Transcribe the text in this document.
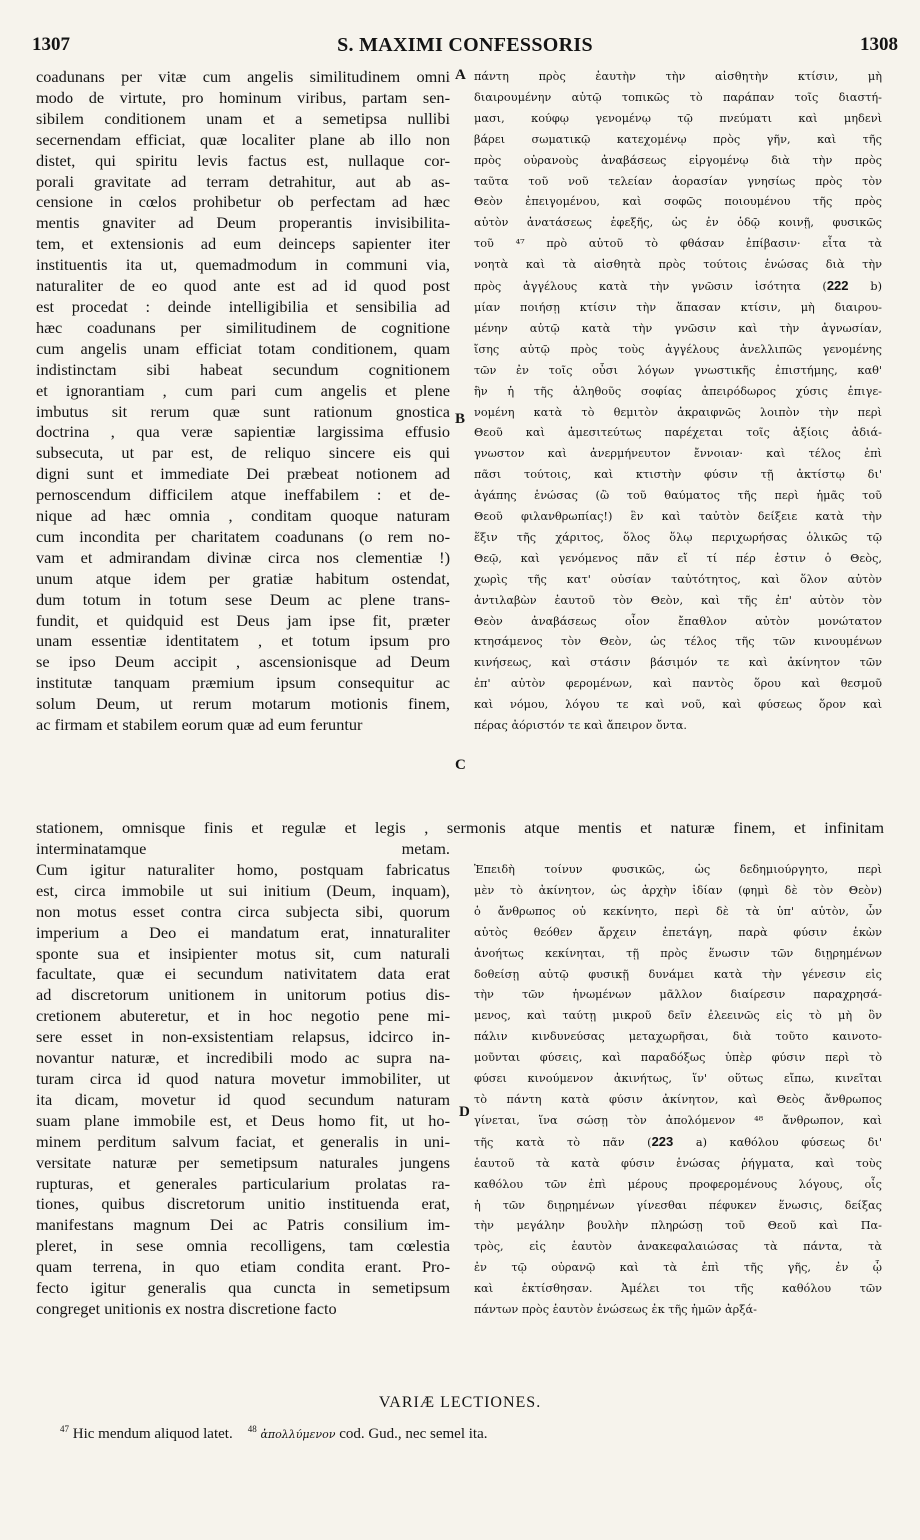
1307	S. MAXIMI CONFESSORIS	1308
coadunans per vitæ cum angelis similitudinem omni
modo de virtute, pro hominum viribus, partam sen-
sibilem conditionem unam et a semetipsa nullibi
secernendam efficiat, quæ localiter plane ab illo non
distet, qui spiritu levis factus est, nullaque cor-
porali gravitate ad terram detrahitur, aut ab as-
censione in cœlos prohibetur ob perfectam ad hæc
mentis gnaviter ad Deum properantis invisibilita-
tem, et extensionis ad eum deinceps sapienter iter
instituentis ita ut, quemadmodum in communi via,
naturaliter de eo quod ante est ad id quod post
est procedat : deinde intelligibilia et sensibilia ad
hæc coadunans per similitudinem de cognitione
cum angelis unam efficiat totam conditionem, quam
indistinctam sibi habeat secundum cognitionem
et ignorantiam , cum pari cum angelis et plene
imbutus sit rerum quæ sunt rationum gnostica
doctrina , qua veræ sapientiæ largissima effusio
subsecuta, ut par est, de reliquo sincere eis qui
digni sunt et immediate Dei præbeat notionem ad
pernoscendum difficilem atque ineffabilem : et de-
nique ad hæc omnia , conditam quoque naturam
cum incondita per charitatem coadunans (o rem no-
vam et admirandam divinæ circa nos clementiæ !)
unum atque idem per gratiæ habitum ostendat,
dum totum in totum sese Deum ac plene trans-
fundit, et quidquid est Deus jam ipse fit, præter
unam essentiæ identitatem , et totum ipsum pro
se ipso Deum accipit , ascensionisque ad Deum
institutæ tanquam præmium ipsum consequitur ac
solum Deum, ut rerum motarum motionis finem,
ac firmam et stabilem eorum quæ ad eum feruntur
πάντη πρὸς ἑαυτὴν τὴν αἰσθητὴν κτίσιν, μὴ
διαιρουμένην αὐτῷ τοπικῶς τὸ παράπαν τοῖς διαστή-
μασι, κούφῳ γενομένῳ τῷ πνεύματι καὶ μηδενὶ
βάρει σωματικῷ κατεχομένῳ πρὸς γῆν, καὶ τῆς
πρὸς οὐρανοὺς ἀναβάσεως εἰργομένῳ διὰ τὴν πρὸς
ταῦτα τοῦ νοῦ τελείαν ἀορασίαν γνησίως πρὸς τὸν
Θεὸν ἐπειγομένου, καὶ σοφῶς ποιουμένου τῆς πρὸς
αὐτὸν ἀνατάσεως ἐφεξῆς, ὡς ἐν ὁδῷ κοινῇ, φυσικῶς
τοῦ ⁴⁷ πρὸ αὐτοῦ τὸ φθάσαν ἐπίβασιν· εἶτα τὰ
νοητὰ καὶ τὰ αἰσθητὰ πρὸς τούτοις ἑνώσας διὰ τὴν
πρὸς ἀγγέλους κατὰ τὴν γνῶσιν ἰσότητα (222 b)
μίαν ποιήσῃ κτίσιν τὴν ἅπασαν κτίσιν, μὴ διαιρου-
μένην αὐτῷ κατὰ τὴν γνῶσιν καὶ τὴν ἀγνωσίαν,
ἴσης αὐτῷ πρὸς τοὺς ἀγγέλους ἀνελλιπῶς γενομένης
τῶν ἐν τοῖς οὖσι λόγων γνωστικῆς ἐπιστήμης, καθ'
ἣν ἡ τῆς ἀληθοῦς σοφίας ἀπειρόδωρος χύσις ἐπιγε-
νομένη κατὰ τὸ θεμιτὸν ἀκραιφνῶς λοιπὸν τὴν περὶ
Θεοῦ καὶ ἀμεσιτεύτως παρέχεται τοῖς ἀξίοις ἀδιά-
γνωστον καὶ ἀνερμήνευτον ἔννοιαν· καὶ τέλος ἐπὶ
πᾶσι τούτοις, καὶ κτιστὴν φύσιν τῇ ἀκτίστῳ δι'
ἀγάπης ἑνώσας (ὢ τοῦ θαύματος τῆς περὶ ἡμᾶς τοῦ
Θεοῦ φιλανθρωπίας!) ἓν καὶ ταὐτὸν δείξειε κατὰ τὴν
ἕξιν τῆς χάριτος, ὅλος ὅλῳ περιχωρήσας ὁλικῶς τῷ
Θεῷ, καὶ γενόμενος πᾶν εἴ τί πέρ ἐστιν ὁ Θεὸς,
χωρὶς τῆς κατ' οὐσίαν ταὐτότητος, καὶ ὅλον αὐτὸν
ἀντιλαβὼν ἑαυτοῦ τὸν Θεὸν, καὶ τῆς ἐπ' αὐτὸν τὸν
Θεὸν ἀναβάσεως οἷον ἔπαθλον αὐτὸν μονώτατον
κτησάμενος τὸν Θεὸν, ὡς τέλος τῆς τῶν κινουμένων
κινήσεως, καὶ στάσιν βάσιμόν τε καὶ ἀκίνητον τῶν
ἐπ' αὐτὸν φερομένων, καὶ παντὸς ὅρου καὶ θεσμοῦ
καὶ νόμου, λόγου τε καὶ νοῦ, καὶ φύσεως ὅρον καὶ
πέρας ἀόριστόν τε καὶ ἄπειρον ὄντα.
A
B
C
D
stationem, omnisque finis et regulæ et legis , sermonis atque mentis et naturæ finem, et infinitam
interminatamque metam.
Cum igitur naturaliter homo, postquam fabricatus
est, circa immobile ut sui initium (Deum, inquam),
non motus esset contra circa subjecta sibi, quorum
imperium a Deo ei mandatum erat, innaturaliter
sponte sua et insipienter motus sit, cum naturali
facultate, quæ ei secundum nativitatem data erat
ad discretorum unitionem in unitorum potius dis-
cretionem abuteretur, et in hoc negotio pene mi-
sere esset in non-exsistentiam relapsus, idcirco in-
novantur naturæ, et incredibili modo ac supra na-
turam circa id quod natura movetur immobiliter, ut
ita dicam, movetur id quod secundum naturam
suam plane immobile est, et Deus homo fit, ut ho-
minem perditum salvum faciat, et generalis in uni-
versitate naturæ per semetipsum naturales jungens
rupturas, et generales particularium prolatas ra-
tiones, quibus discretorum unitio instituenda erat,
manifestans magnum Dei ac Patris consilium im-
pleret, in sese omnia recolligens, tam cœlestia
quam terrena, in quo etiam condita erant. Pro-
fecto igitur generalis qua cuncta in semetipsum
congreget unitionis ex nostra discretione facto
Ἐπειδὴ τοίνυν φυσικῶς, ὡς δεδημιούργητο, περὶ
μὲν τὸ ἀκίνητον, ὡς ἀρχὴν ἰδίαν (φημὶ δὲ τὸν Θεὸν)
ὁ ἄνθρωπος οὐ κεκίνητο, περὶ δὲ τὰ ὑπ' αὐτὸν, ὧν
αὐτὸς θεόθεν ἄρχειν ἐπετάγη, παρὰ φύσιν ἑκὼν
ἀνοήτως κεκίνηται, τῇ πρὸς ἕνωσιν τῶν διῃρημένων
δοθείσῃ αὐτῷ φυσικῇ δυνάμει κατὰ τὴν γένεσιν εἰς
τὴν τῶν ἡνωμένων μᾶλλον διαίρεσιν παραχρησά-
μενος, καὶ ταύτῃ μικροῦ δεῖν ἐλεεινῶς εἰς τὸ μὴ ὂν
πάλιν κινδυνεύσας μεταχωρῆσαι, διὰ τοῦτο καινοτο-
μοῦνται φύσεις, καὶ παραδόξως ὑπὲρ φύσιν περὶ τὸ
φύσει κινούμενον ἀκινήτως, ἵν' οὕτως εἴπω, κινεῖται
τὸ πάντη κατὰ φύσιν ἀκίνητον, καὶ Θεὸς ἄνθρωπος
γίνεται, ἵνα σώσῃ τὸν ἀπολόμενον ⁴⁸ ἄνθρωπον, καὶ
τῆς κατὰ τὸ πᾶν (223 a) καθόλου φύσεως δι'
ἑαυτοῦ τὰ κατὰ φύσιν ἑνώσας ῥήγματα, καὶ τοὺς
καθόλου τῶν ἐπὶ μέρους προφερομένους λόγους, οἷς
ἡ τῶν διῃρημένων γίνεσθαι πέφυκεν ἕνωσις, δείξας
τὴν μεγάλην βουλὴν πληρώσῃ τοῦ Θεοῦ καὶ Πα-
τρὸς, εἰς ἑαυτὸν ἀνακεφαλαιώσας τὰ πάντα, τὰ
ἐν τῷ οὐρανῷ καὶ τὰ ἐπὶ τῆς γῆς, ἐν ᾧ
καὶ ἐκτίσθησαν. Ἀμέλει τοι τῆς καθόλου τῶν
πάντων πρὸς ἑαυτὸν ἑνώσεως ἐκ τῆς ἡμῶν ἀρξά-
VARIÆ LECTIONES.
$^{47}$ Hic mendum aliquod latet. $^{48}$ ἀπολλύμενον cod. Gud., nec semel ita.
